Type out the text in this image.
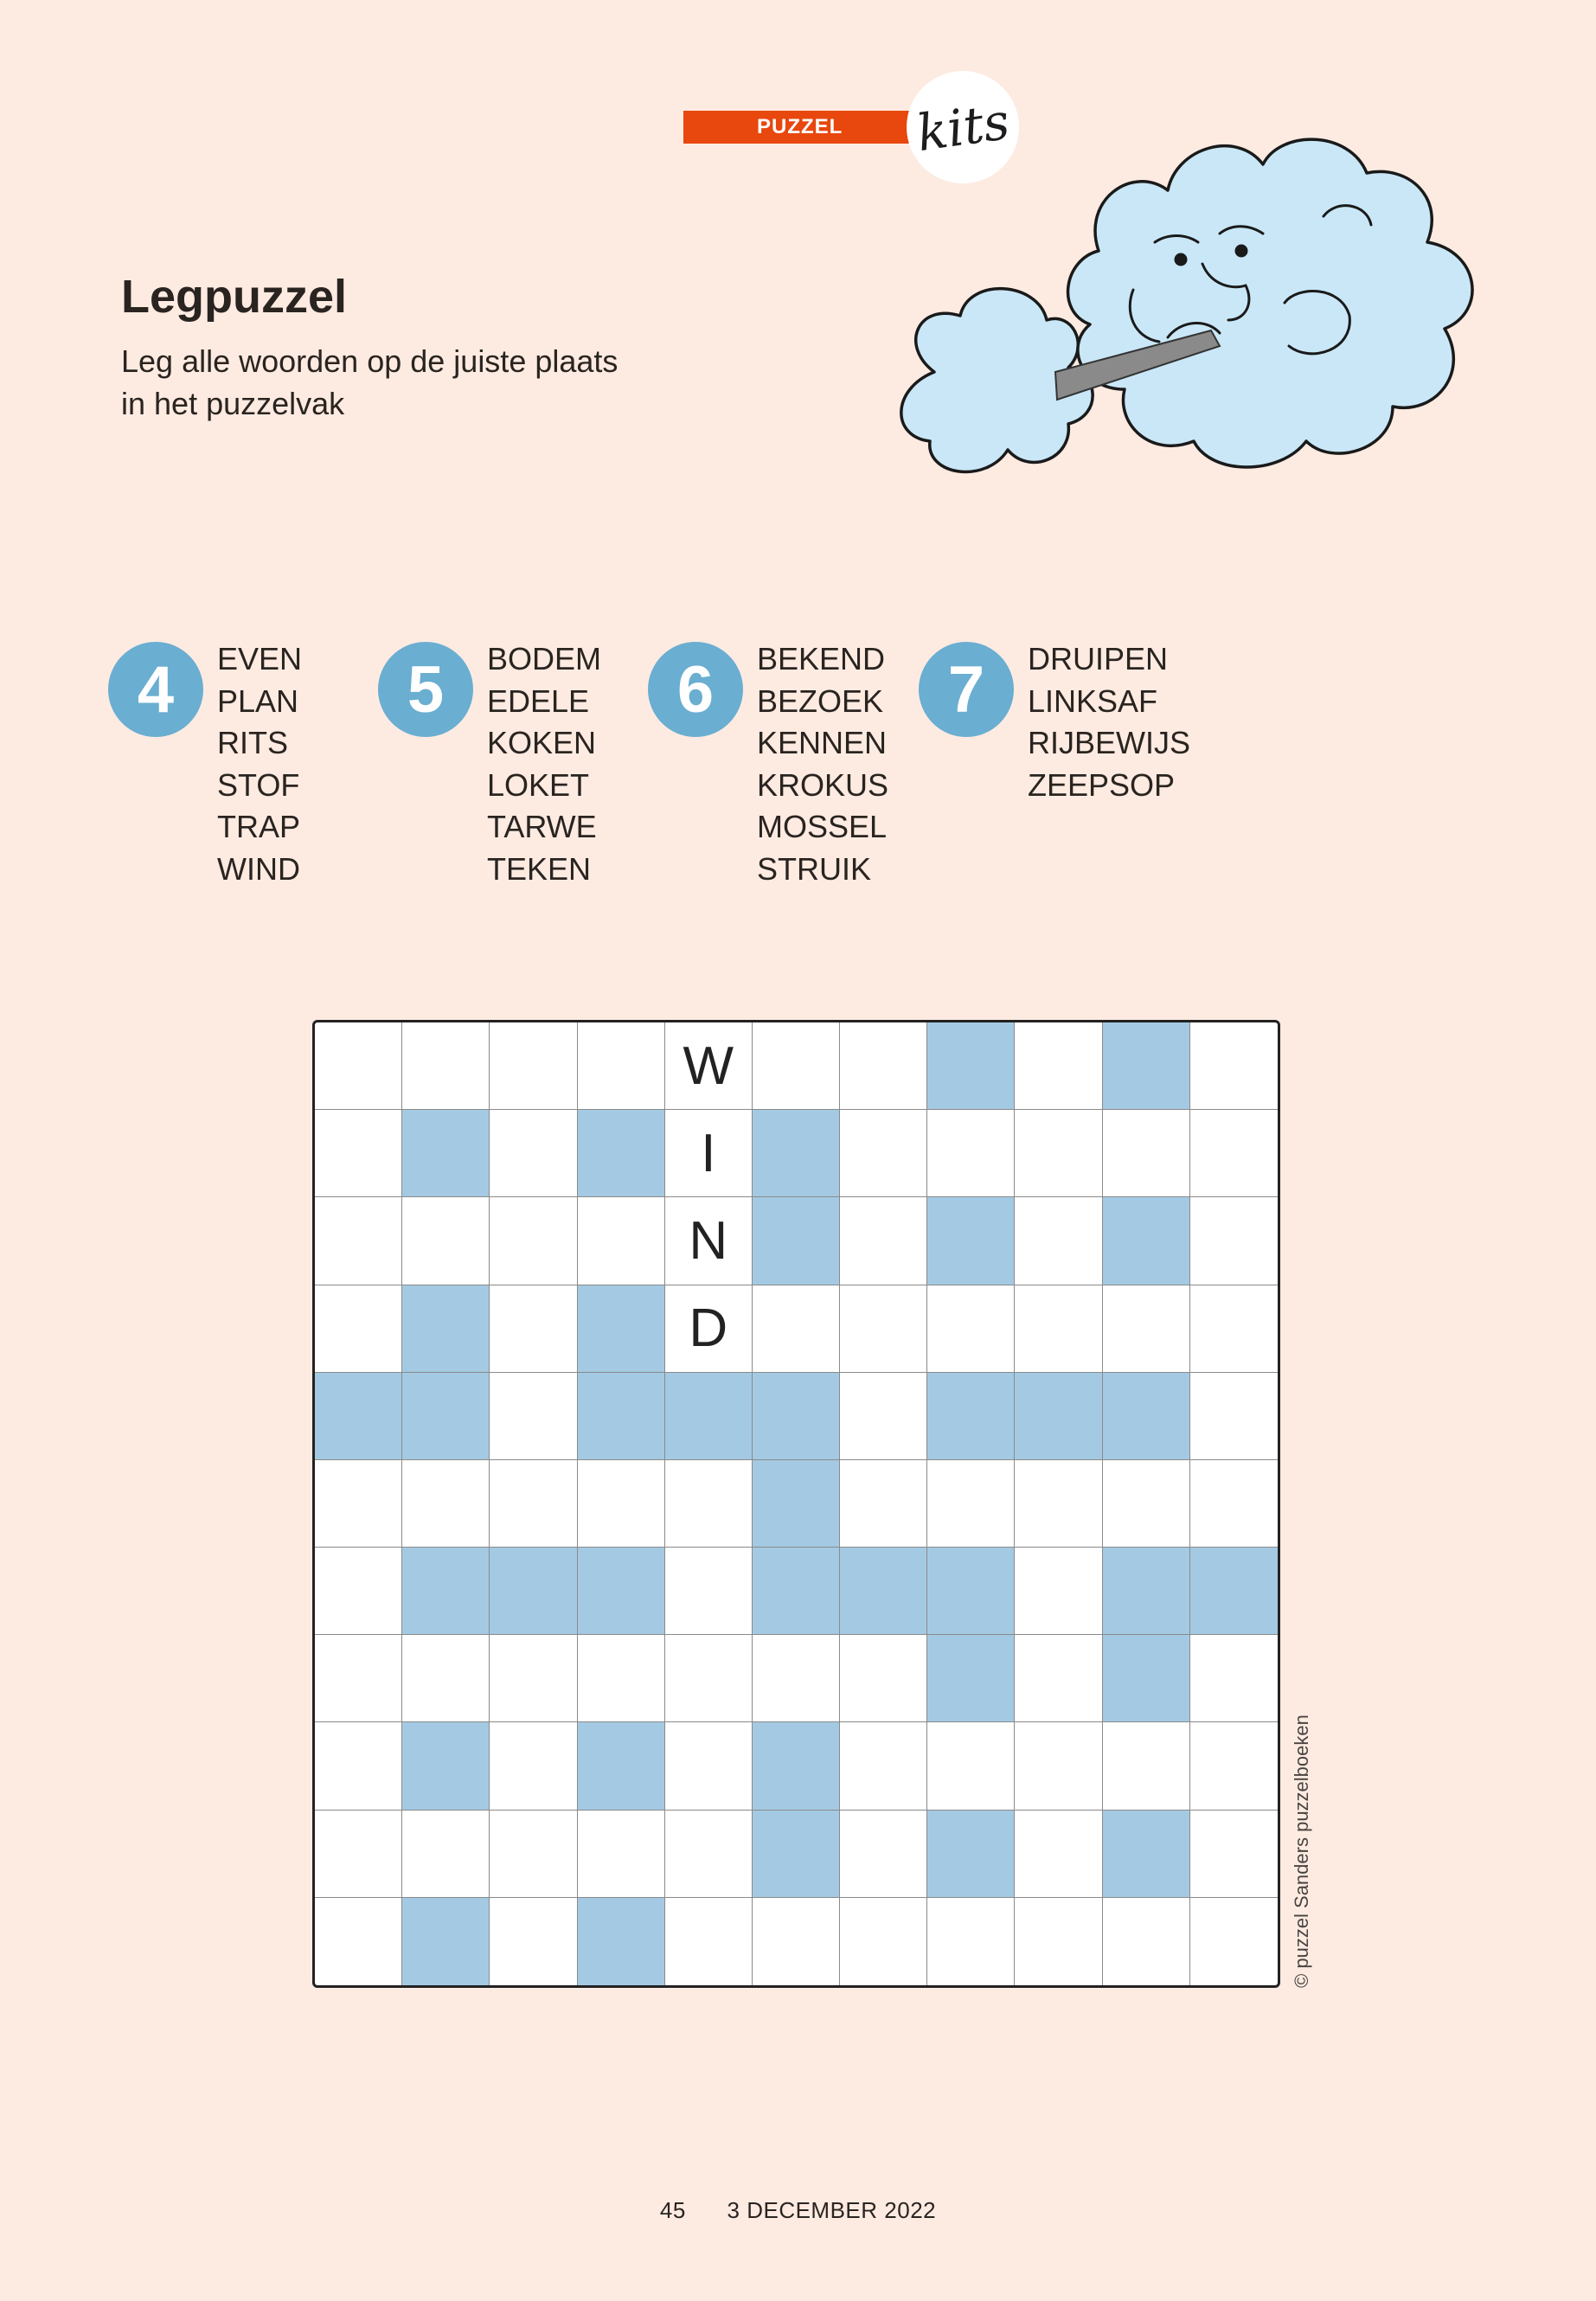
PUZZEL	kits
Legpuzzel
Leg alle woorden op de juiste plaats
in het puzzelvak
4	EVEN
PLAN
RITS
STOF
TRAP
WIND
5	BODEM
EDELE
KOKEN
LOKET
TARWE
TEKEN
6	BEKEND
BEZOEK
KENNEN
KROKUS
MOSSEL
STRUIK
7	DRUIPEN
LINKSAF
RIJBEWIJS
ZEEPSOP
W
I
N
D
© puzzel Sanders puzzelboeken
45 3 DECEMBER 2022
